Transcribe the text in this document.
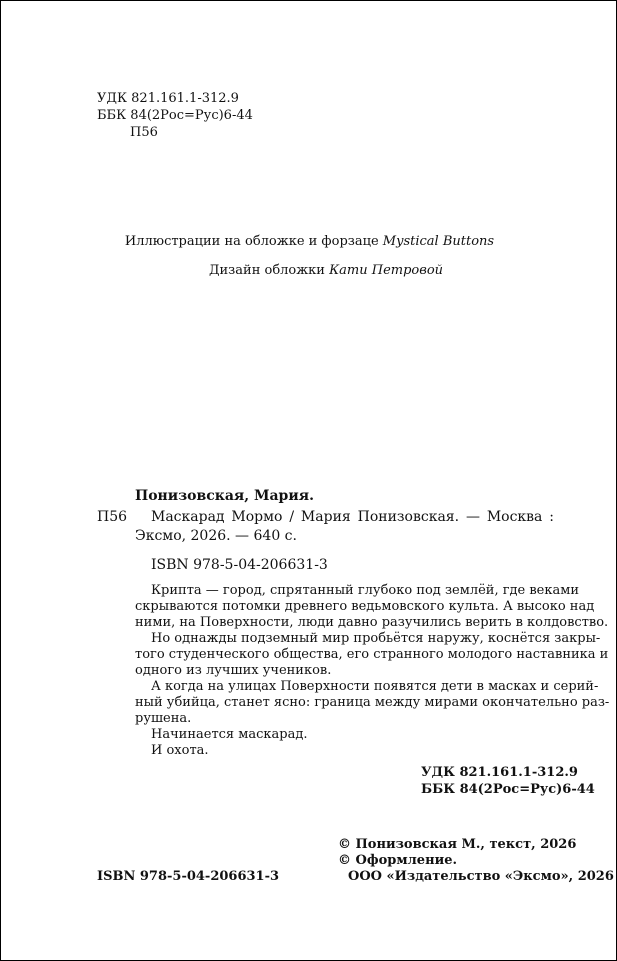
УДК 821.161.1-312.9
ББК 84(2Рос=Рус)6-44
П56
Иллюстрации на обложке и форзаце Mystical Buttons
Дизайн обложки Кати Петровой
Понизовская, Мария.
П56 Маскарад Мормо / Мария Понизовская. — Москва :
Эксмо, 2026. — 640 с.
ISBN 978-5-04-206631-3
Крипта — город, спрятанный глубоко под землёй, где веками
скрываются потомки древнего ведьмовского культа. А высоко над
ними, на Поверхности, люди давно разучились верить в колдовство.
Но однажды подземный мир пробьётся наружу, коснётся закры-
того студенческого общества, его странного молодого наставника и
одного из лучших учеников.
А когда на улицах Поверхности появятся дети в масках и серий-
ный убийца, станет ясно: граница между мирами окончательно раз-
рушена.
Начинается маскарад.
И охота.
УДК 821.161.1-312.9
ББК 84(2Рос=Рус)6-44
© Понизовская М., текст, 2026
© Оформление.
ООО «Издательство «Эксмо», 2026
ISBN 978-5-04-206631-3
